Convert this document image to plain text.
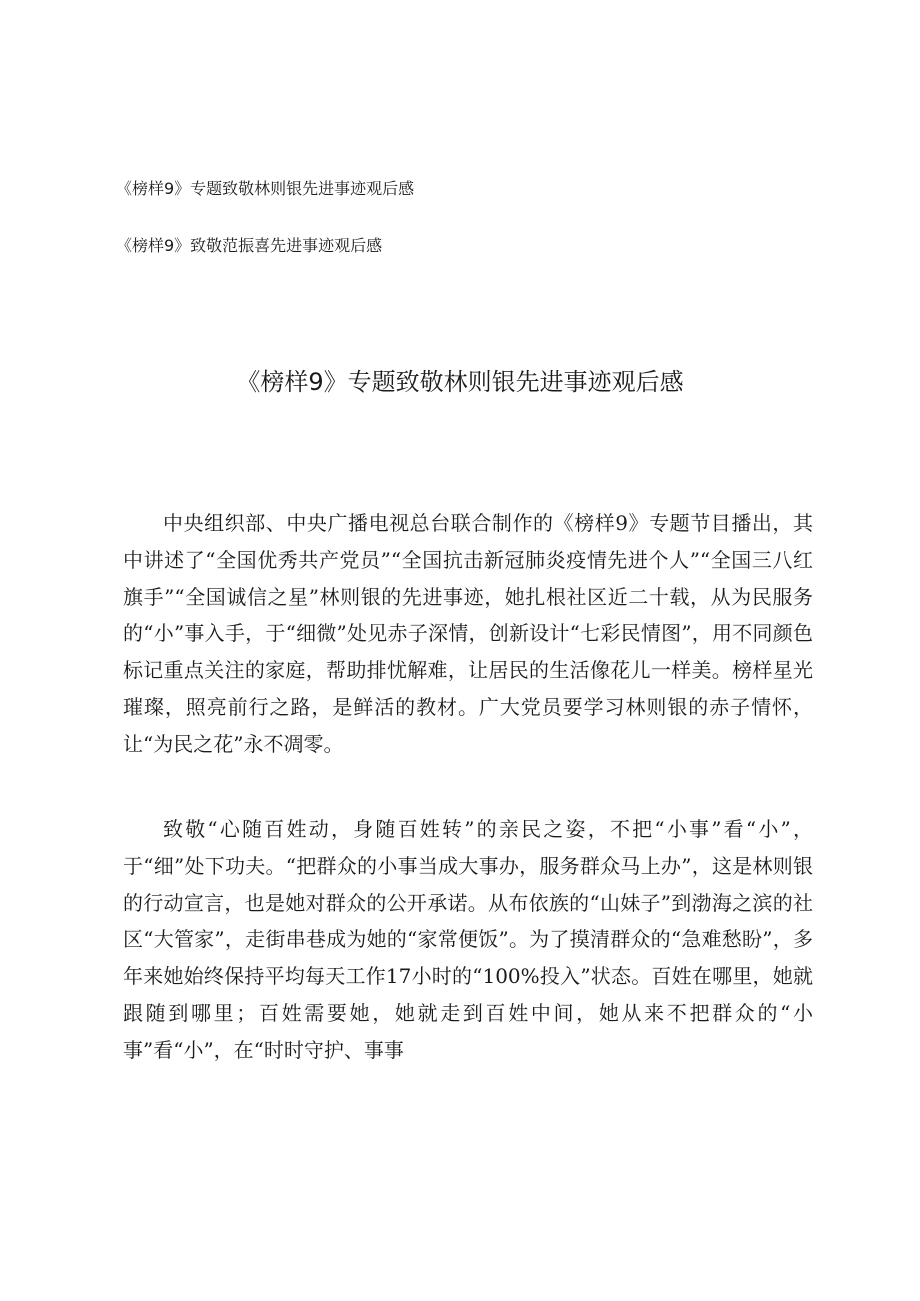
《榜样9》专题致敬林则银先进事迹观后感
《榜样9》致敬范振喜先进事迹观后感
《榜样9》专题致敬林则银先进事迹观后感

中央组织部、中央广播电视总台联合制作的《榜样9》专题节目播出，其中讲述了“全国优秀共产党员”“全国抗击新冠肺炎疫情先进个人”“全国三八红旗手”“全国诚信之星”林则银的先进事迹，她扎根社区近二十载，从为民服务的“小”事入手，于“细微”处见赤子深情，创新设计“七彩民情图”，用不同颜色标记重点关注的家庭，帮助排忧解难，让居民的生活像花儿一样美。榜样星光璀璨，照亮前行之路，是鲜活的教材。广大党员要学习林则银的赤子情怀，让“为民之花”永不凋零。

致敬“心随百姓动，身随百姓转”的亲民之姿，不把“小事”看“小”，于“细”处下功夫。“把群众的小事当成大事办，服务群众马上办”，这是林则银的行动宣言，也是她对群众的公开承诺。从布依族的“山妹子”到渤海之滨的社区“大管家”，走街串巷成为她的“家常便饭”。为了摸清群众的“急难愁盼”，多年来她始终保持平均每天工作17小时的“100%投入”状态。百姓在哪里，她就跟随到哪里；百姓需要她，她就走到百姓中间，她从来不把群众的“小事”看“小”，在“时时守护、事事
